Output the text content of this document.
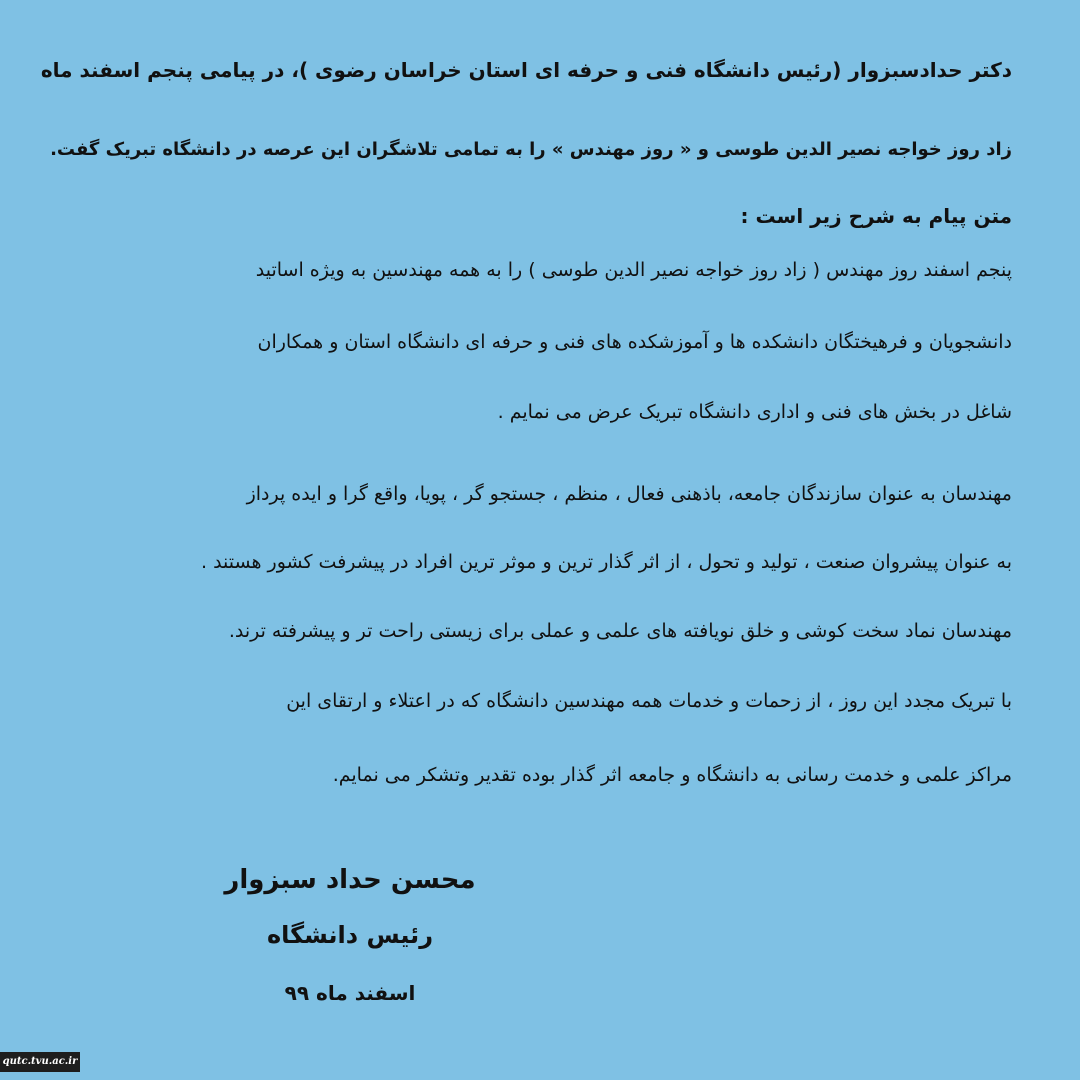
دکتر حدادسبزوار (رئیس دانشگاه فنی و حرفه ای استان خراسان رضوی )، در پیامی پنجم اسفند ماه
زاد روز خواجه نصیر الدین طوسی و « روز مهندس » را به تمامی تلاشگران این عرصه در دانشگاه تبریک گفت.
متن پیام به شرح زیر است :
پنجم اسفند روز مهندس ( زاد روز خواجه نصیر الدین طوسی ) را به همه مهندسین به ویژه اساتید
دانشجویان و فرهیختگان دانشکده ها و آموزشکده های فنی و حرفه ای دانشگاه استان و همکاران
شاغل در بخش های فنی و اداری دانشگاه تبریک عرض می نمایم .
مهندسان به عنوان سازندگان جامعه، باذهنی فعال ، منظم ، جستجو گر ، پویا، واقع گرا و ایده پرداز
به عنوان پیشروان صنعت ، تولید و تحول ، از اثر گذار ترین و موثر ترین افراد در پیشرفت کشور هستند .
مهندسان نماد سخت کوشی و خلق نویافته های علمی و عملی برای زیستی راحت تر و پیشرفته ترند.
با تبریک مجدد این روز ، از زحمات و خدمات همه مهندسین دانشگاه که در اعتلاء و ارتقای این
مراکز علمی و خدمت رسانی به دانشگاه و جامعه اثر گذار بوده تقدیر وتشکر می نمایم.
محسن حداد سبزوار
رئیس دانشگاه
اسفند ماه ۹۹
qutc.tvu.ac.ir
